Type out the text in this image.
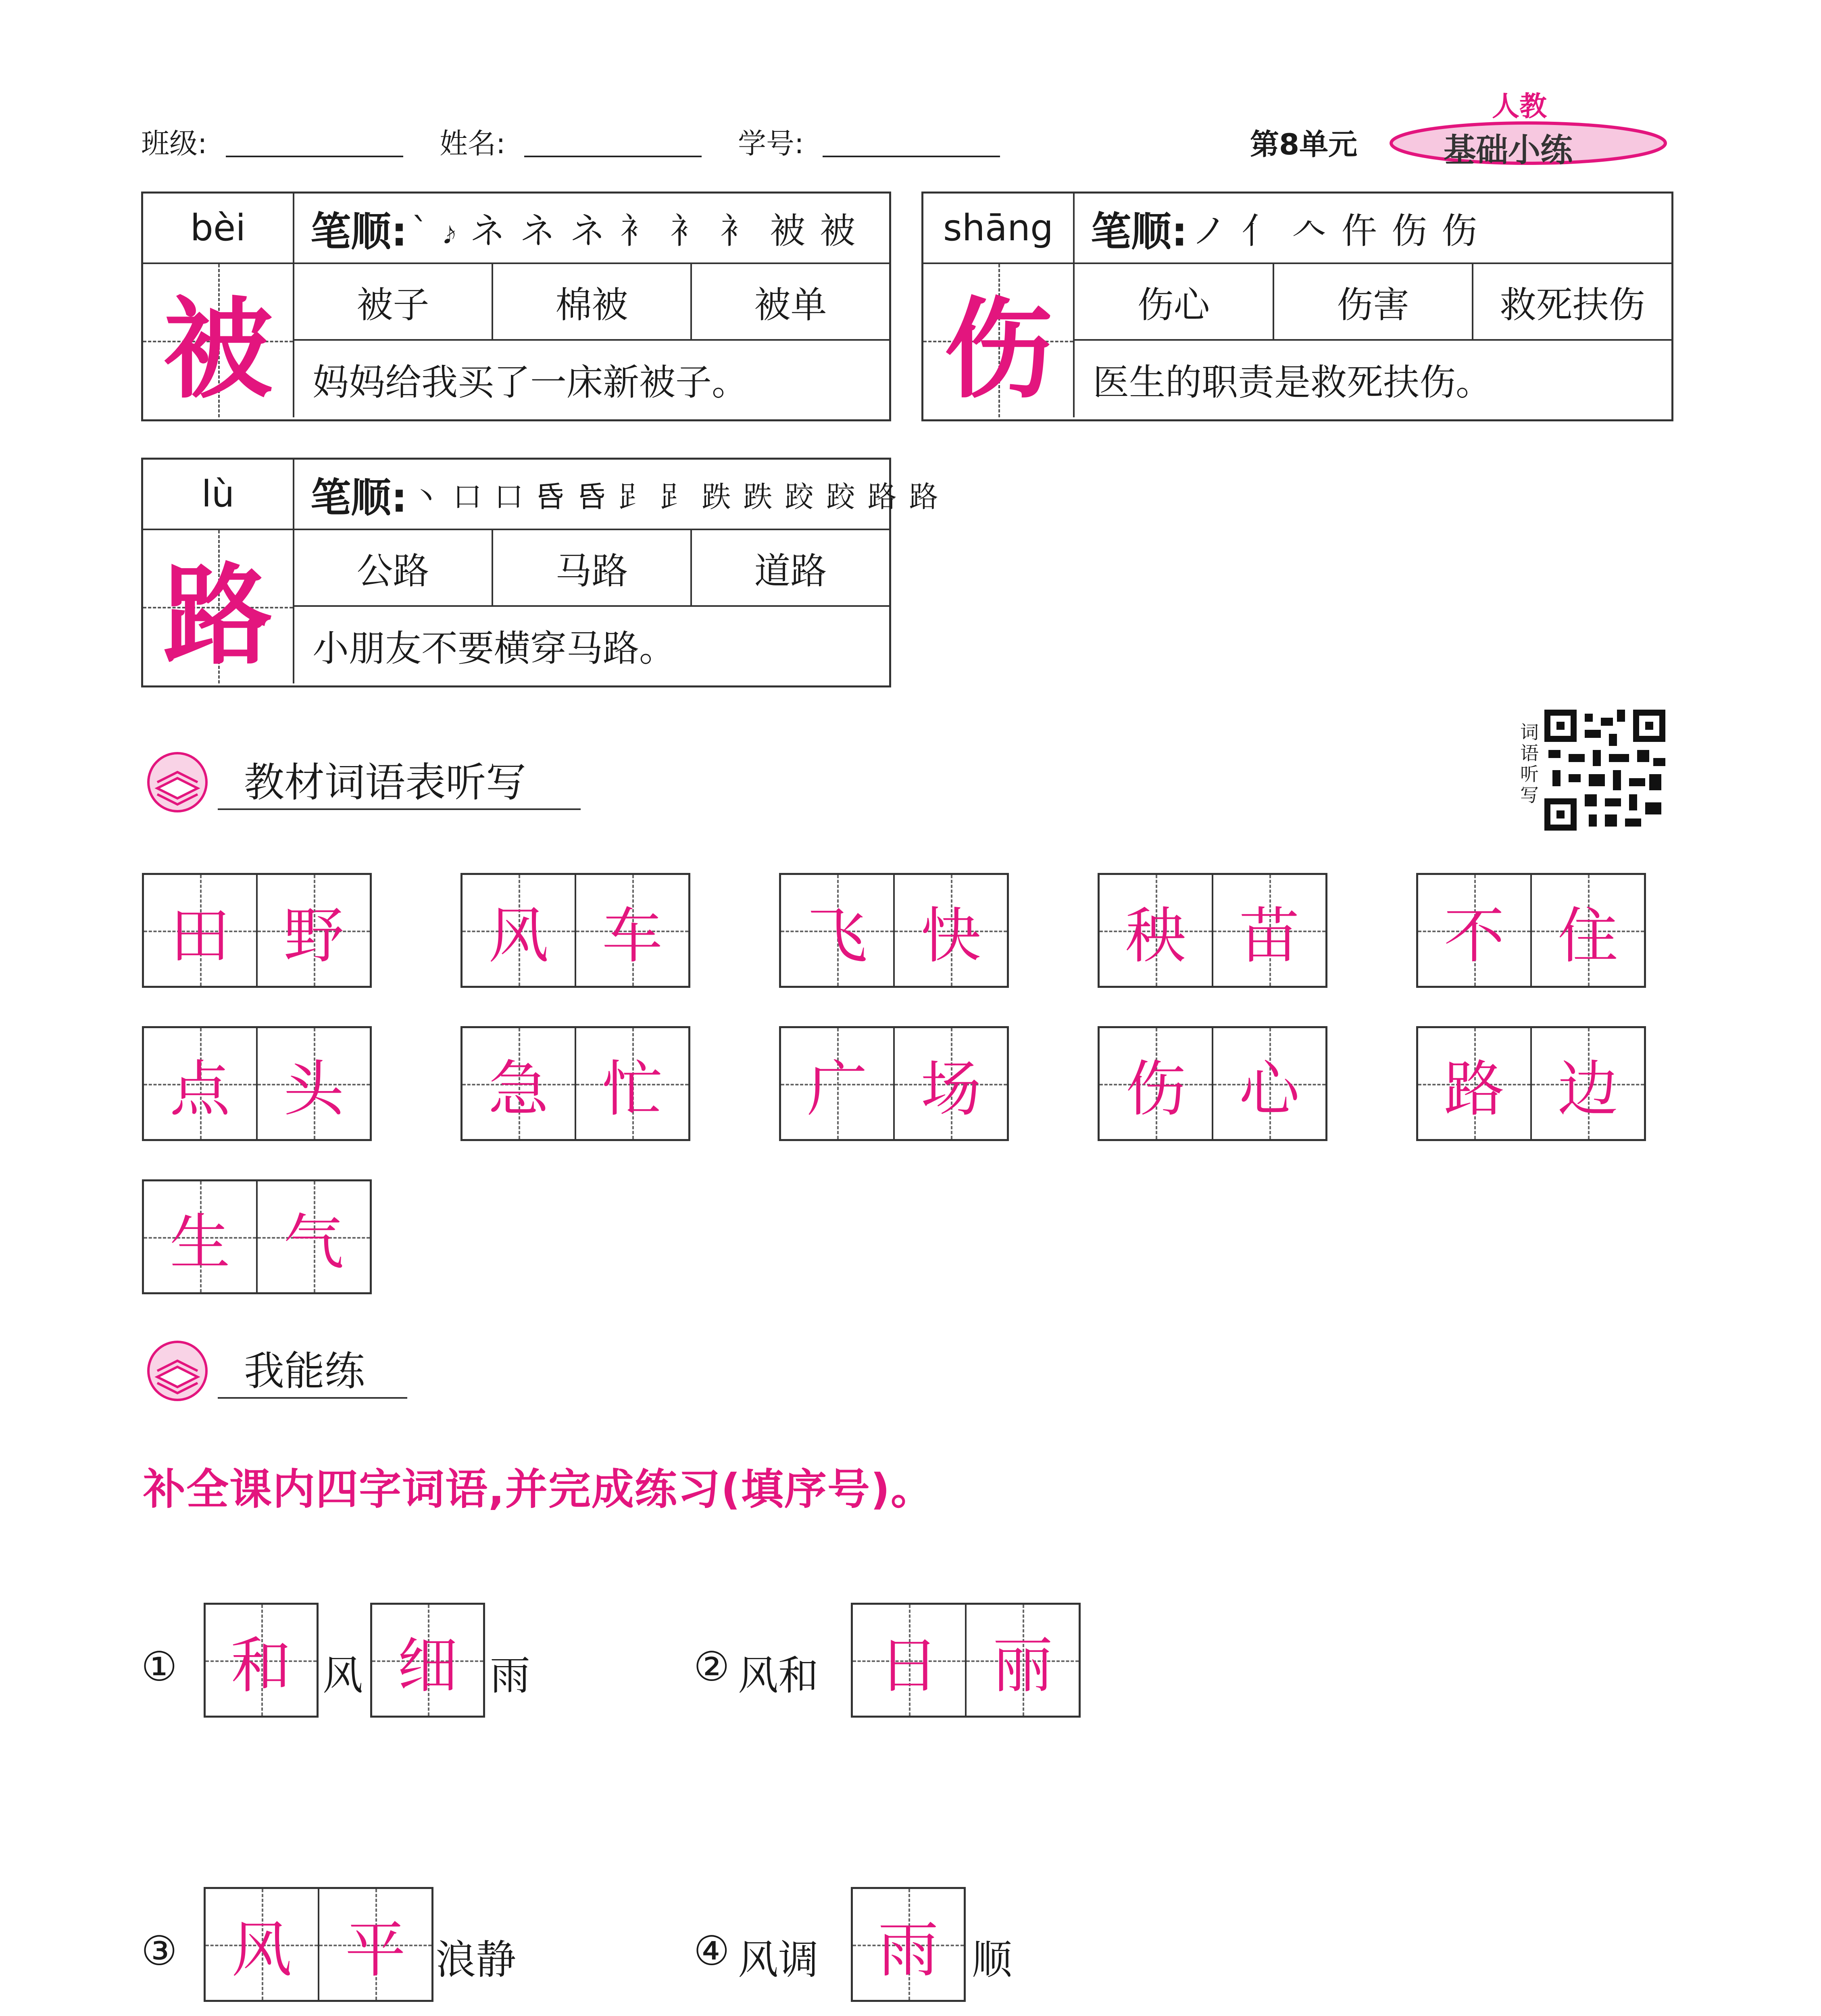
班级:	姓名:	学号:	第8单元
人教
基础小练
bèi
被
笔顺: ` 𝆔 ネ ネ ネ 衤 衤 衤 被 被
被子	棉被	被单
妈妈给我买了一床新被子。
shāng
伤
笔顺: ノ 亻 𠆢 仵 伤 伤
伤心	伤害	救死扶伤
医生的职责是救死扶伤。
lù
路
笔顺: 丶 口 口 𠯑 𠯑 𧾷 𧾷 跌 跌 跤 跤 路 路
公路	马路	道路
小朋友不要横穿马路。
教材词语表听写
词语听写
田 野	风 车	飞 快	秧 苗	不 住
点 头	急 忙	广 场	伤 心	路 边
生 气
我能练
补全课内四字词语,并完成练习(填序号)。
① 和 风 细 雨	② 风和 日 丽
③ 风 平 浪静	④ 风调 雨 顺
